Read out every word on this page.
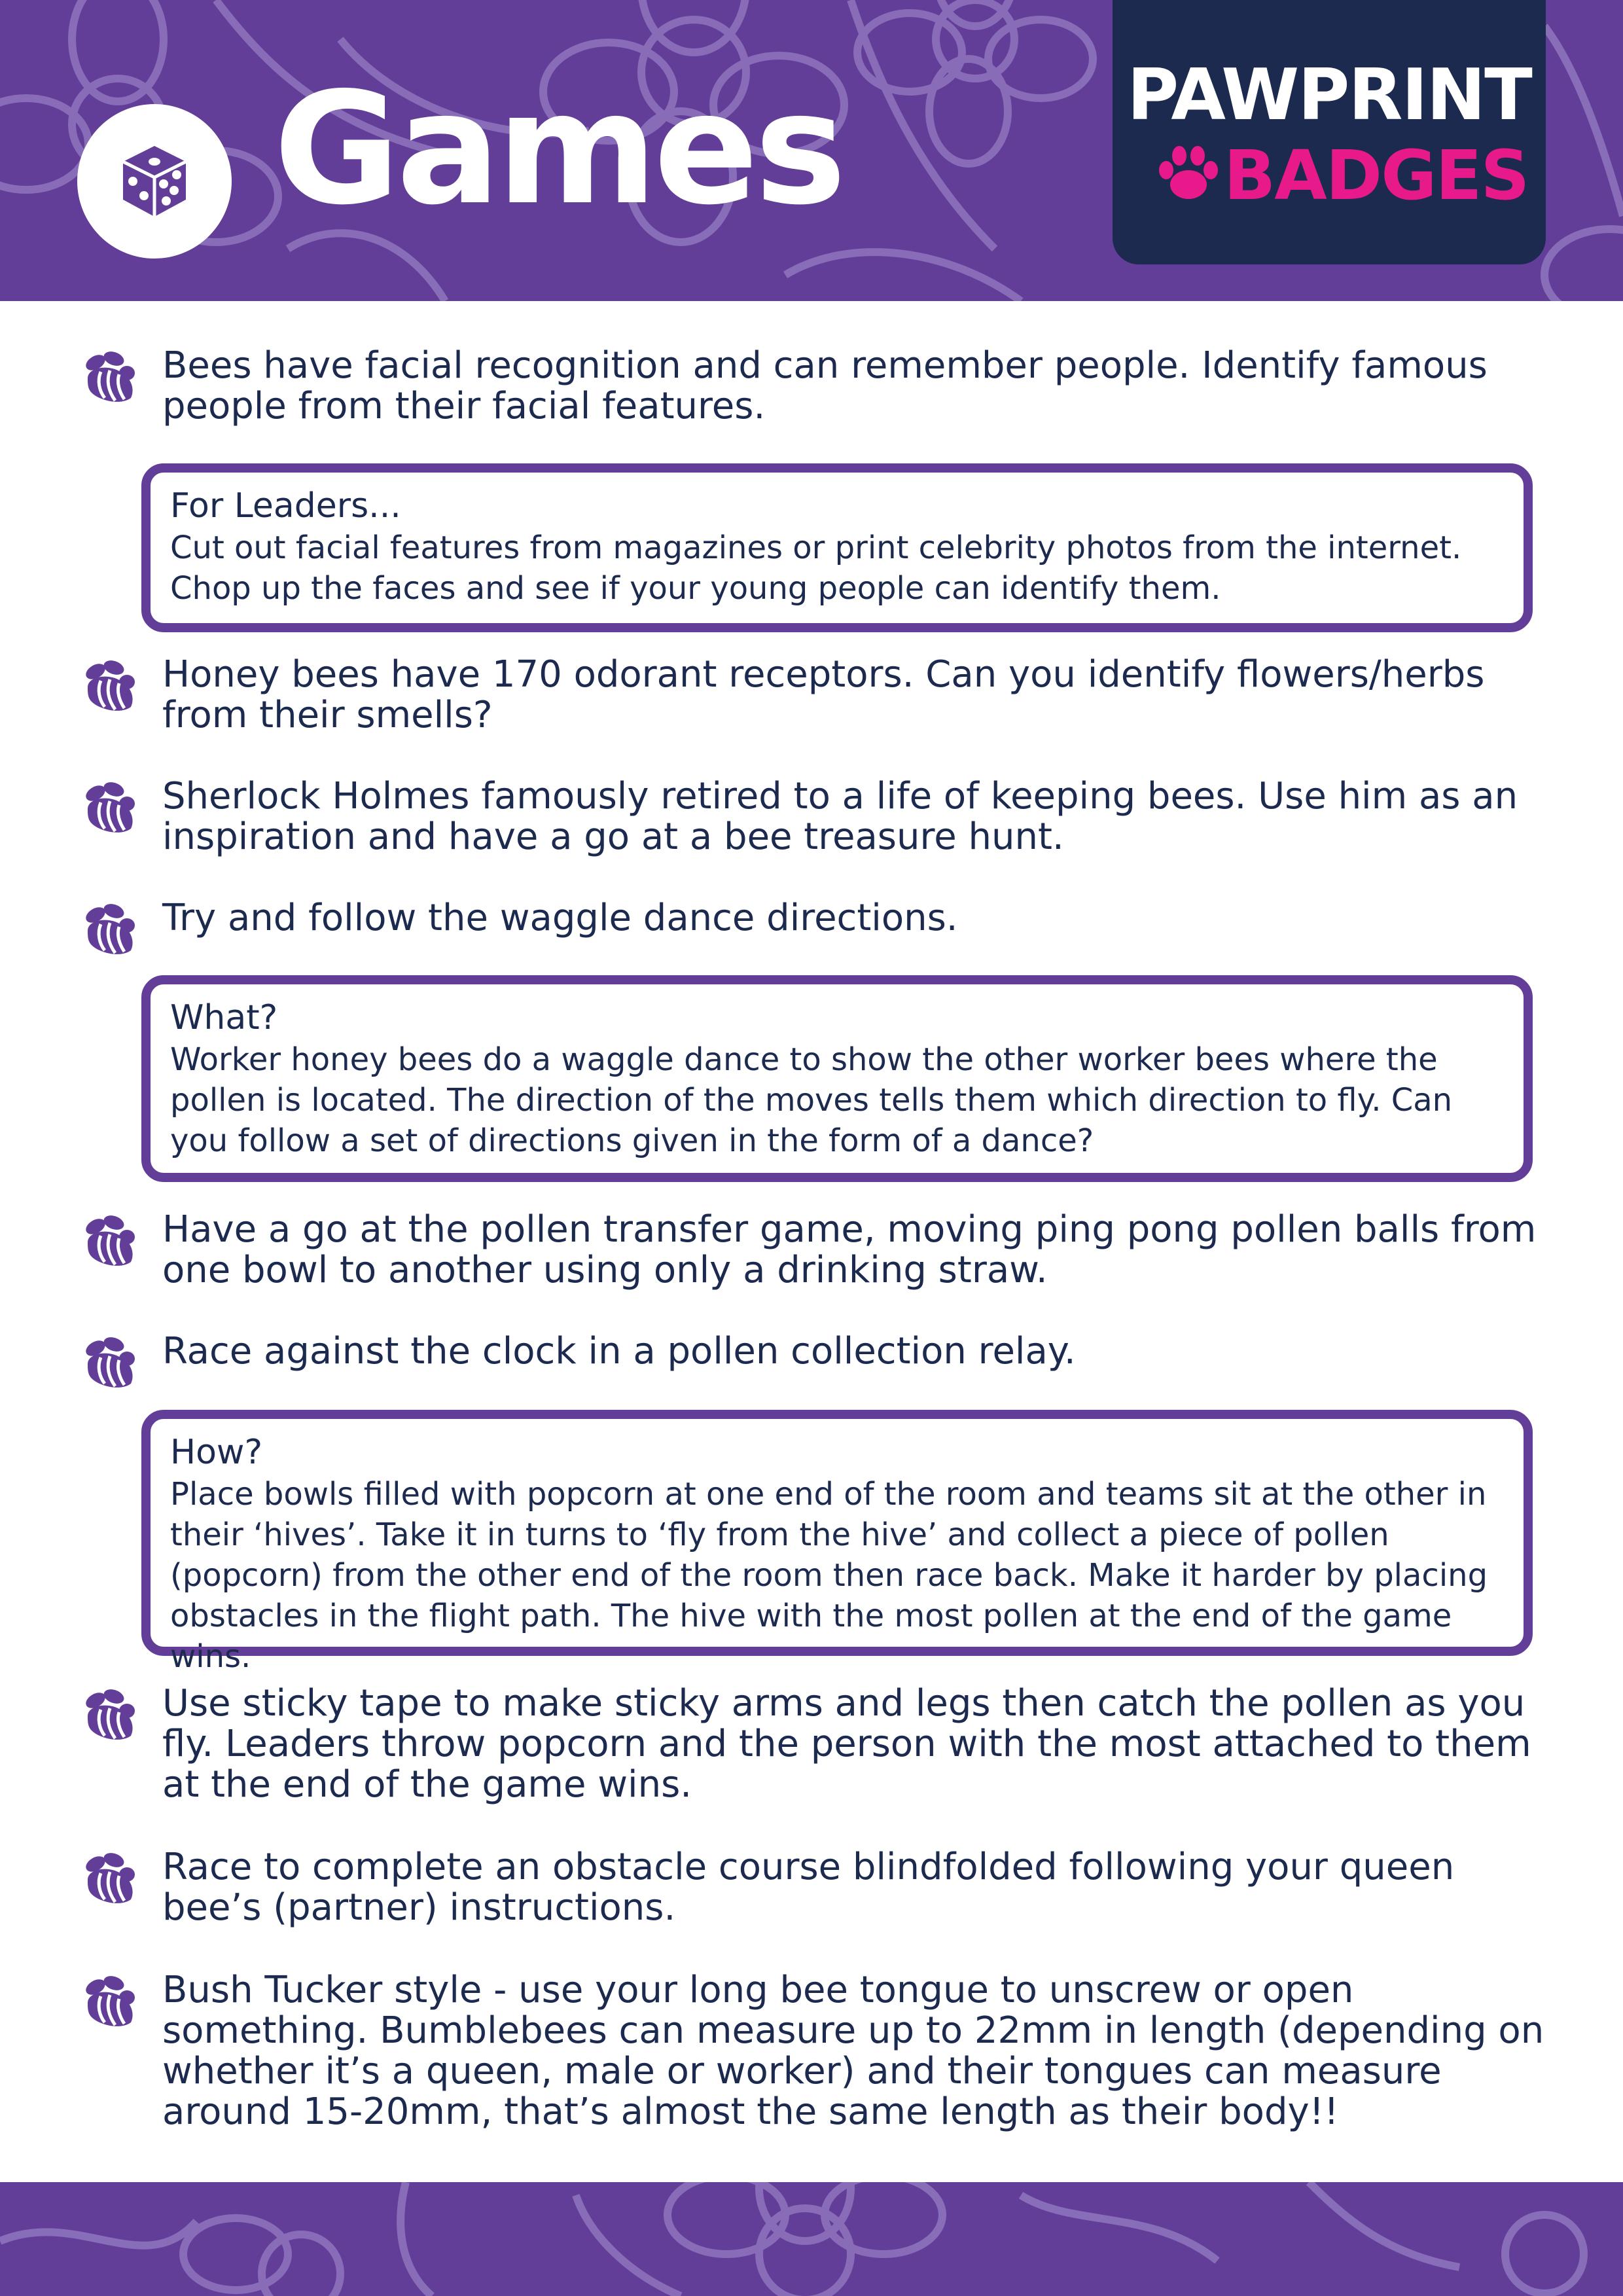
Games	PAWPRINT
BADGES

Bees have facial recognition and can remember people. Identify famous people from their facial features.

For Leaders...

Cut out facial features from magazines or print celebrity photos from the internet. Chop up the faces and see if your young people can identify them.

Honey bees have 170 odorant receptors. Can you identify flowers/herbs from their smells?

Sherlock Holmes famously retired to a life of keeping bees. Use him as an inspiration and have a go at a bee treasure hunt.

Try and follow the waggle dance directions.

What?

Worker honey bees do a waggle dance to show the other worker bees where the pollen is located. The direction of the moves tells them which direction to fly. Can you follow a set of directions given in the form of a dance?

Have a go at the pollen transfer game, moving ping pong pollen balls from one bowl to another using only a drinking straw.

Race against the clock in a pollen collection relay.

How?

Place bowls filled with popcorn at one end of the room and teams sit at the other in their ‘hives’. Take it in turns to ‘fly from the hive’ and collect a piece of pollen (popcorn) from the other end of the room then race back. Make it harder by placing obstacles in the flight path. The hive with the most pollen at the end of the game wins.

Use sticky tape to make sticky arms and legs then catch the pollen as you fly. Leaders throw popcorn and the person with the most attached to them at the end of the game wins.

Race to complete an obstacle course blindfolded following your queen bee’s (partner) instructions.

Bush Tucker style - use your long bee tongue to unscrew or open something. Bumblebees can measure up to 22mm in length (depending on whether it’s a queen, male or worker) and their tongues can measure around 15-20mm, that’s almost the same length as their body!!
